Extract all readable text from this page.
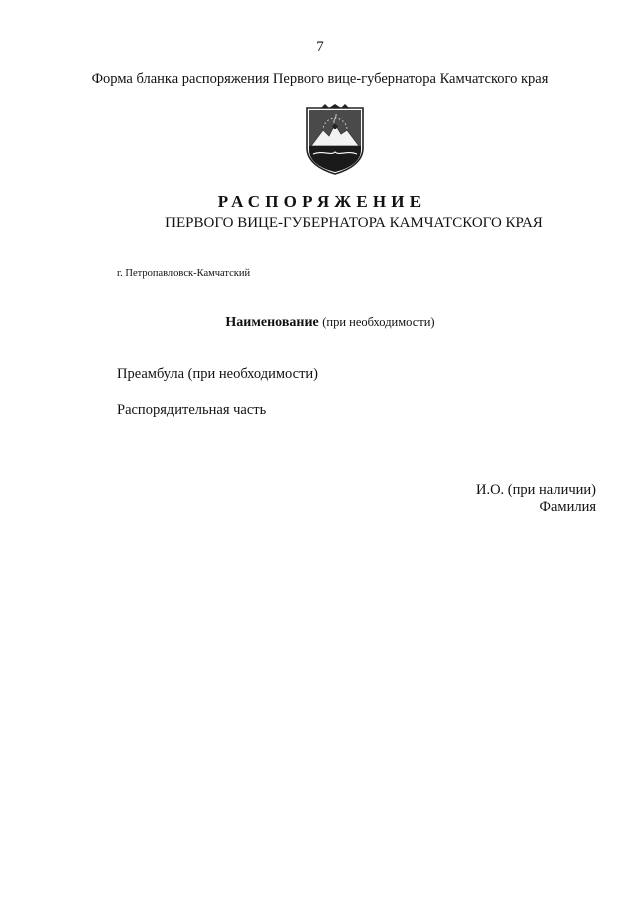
7
Форма бланка распоряжения Первого вице-губернатора Камчатского края
РАСПОРЯЖЕНИЕ
ПЕРВОГО ВИЦЕ-ГУБЕРНАТОРА КАМЧАТСКОГО КРАЯ
г. Петропавловск-Камчатский
Наименование (при необходимости)
Преамбула (при необходимости)
Распорядительная часть
И.О. (при наличии)
Фамилия
